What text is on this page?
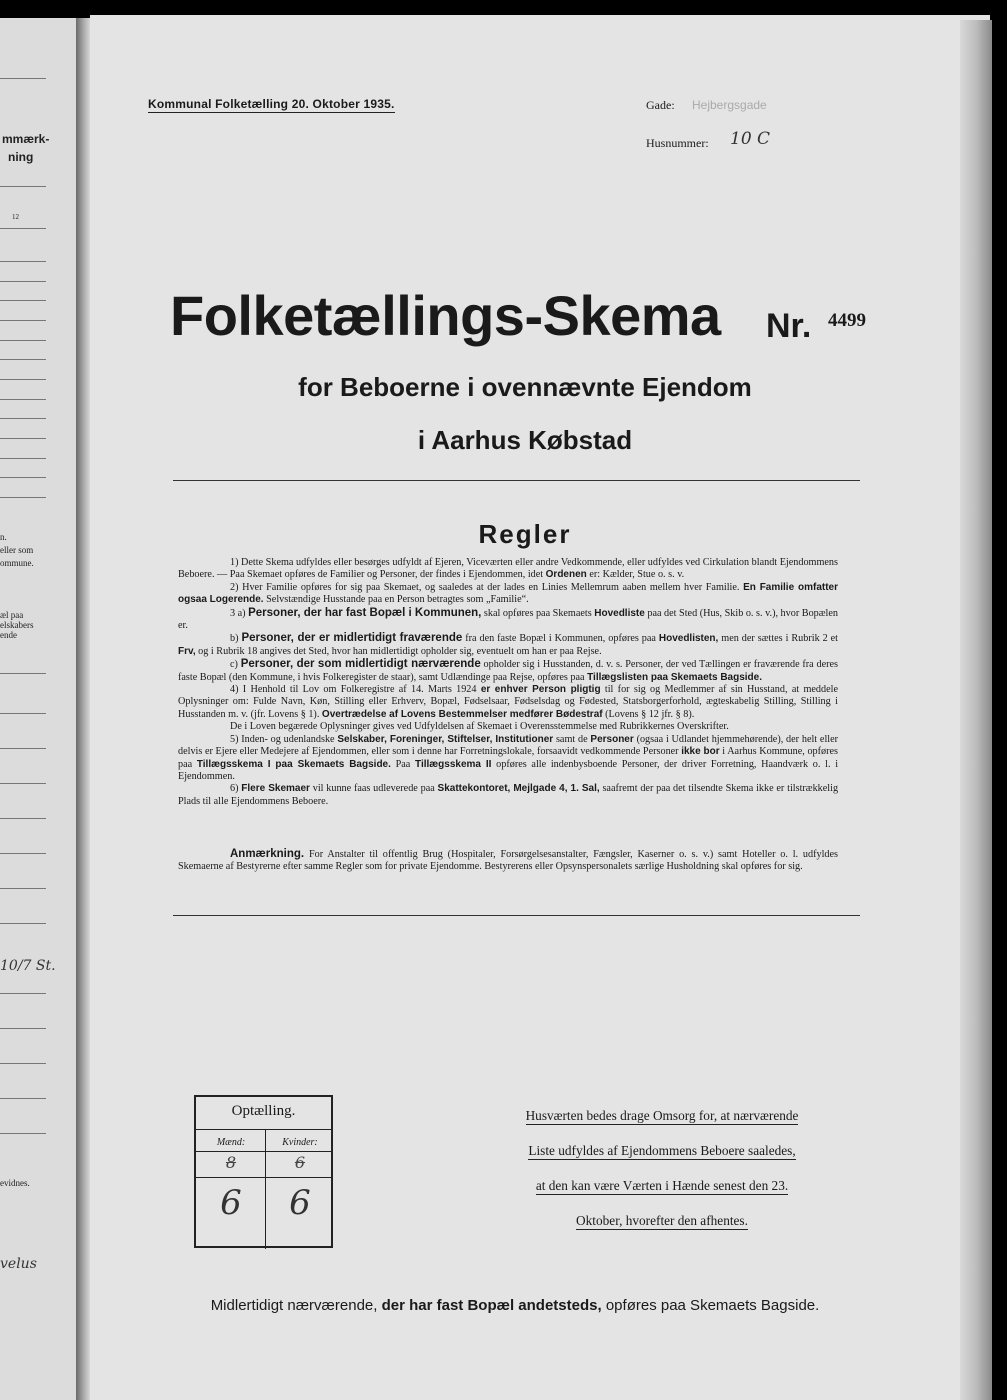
mmærk-
ning
12
n.
eller som
ommune.
æl paa
elskabers
ende
10/7 St.
evidnes.
velus
Kommunal Folketælling 20. Oktober 1935.	Gade: Hejbergsgade
Husnummer: 10 C
Folketællings-Skema Nr. 4499
for Beboerne i ovennævnte Ejendom
i Aarhus Købstad
Regler

1) Dette Skema udfyldes eller besørges udfyldt af Ejeren, Viceværten eller andre Vedkommende, eller udfyldes ved Cirkulation blandt Ejendommens Beboere. — Paa Skemaet opføres de Familier og Personer, der findes i Ejendommen, idet Ordenen er: Kælder, Stue o. s. v.

2) Hver Familie opføres for sig paa Skemaet, og saaledes at der lades en Linies Mellemrum aaben mellem hver Familie. En Familie omfatter ogsaa Logerende. Selvstændige Husstande paa en Person betragtes som „Familie“.

3 a) Personer, der har fast Bopæl i Kommunen, skal opføres paa Skemaets Hovedliste paa det Sted (Hus, Skib o. s. v.), hvor Bopælen er.

b) Personer, der er midlertidigt fraværende fra den faste Bopæl i Kommunen, opføres paa Hovedlisten, men der sættes i Rubrik 2 et Frv, og i Rubrik 18 angives det Sted, hvor han midlertidigt opholder sig, eventuelt om han er paa Rejse.

c) Personer, der som midlertidigt nærværende opholder sig i Husstanden, d. v. s. Personer, der ved Tællingen er fraværende fra deres faste Bopæl (den Kommune, i hvis Folkeregister de staar), samt Udlændinge paa Rejse, opføres paa Tillægslisten paa Skemaets Bagside.

4) I Henhold til Lov om Folkeregistre af 14. Marts 1924 er enhver Person pligtig til for sig og Medlemmer af sin Husstand, at meddele Oplysninger om: Fulde Navn, Køn, Stilling eller Erhverv, Bopæl, Fødselsaar, Fødselsdag og Fødested, Statsborgerforhold, ægteskabelig Stilling, Stilling i Husstanden m. v. (jfr. Lovens § 1). Overtrædelse af Lovens Bestemmelser medfører Bødestraf (Lovens § 12 jfr. § 8).

De i Loven begærede Oplysninger gives ved Udfyldelsen af Skemaet i Overensstemmelse med Rubrikkernes Overskrifter.

5) Inden- og udenlandske Selskaber, Foreninger, Stiftelser, Institutioner samt de Personer (ogsaa i Udlandet hjemmehørende), der helt eller delvis er Ejere eller Medejere af Ejendommen, eller som i denne har Forretningslokale, forsaavidt vedkommende Personer ikke bor i Aarhus Kommune, opføres paa Tillægsskema I paa Skemaets Bagside. Paa Tillægsskema II opføres alle indenbysboende Personer, der driver Forretning, Haandværk o. l. i Ejendommen.

6) Flere Skemaer vil kunne faas udleverede paa Skattekontoret, Mejlgade 4, 1. Sal, saafremt der paa det tilsendte Skema ikke er tilstrækkelig Plads til alle Ejendommens Beboere.

Anmærkning. For Anstalter til offentlig Brug (Hospitaler, Forsørgelsesanstalter, Fængsler, Kaserner o. s. v.) samt Hoteller o. l. udfyldes Skemaerne af Bestyrerne efter samme Regler som for private Ejendomme. Bestyrerens eller Opsynspersonalets særlige Husholdning skal opføres for sig.
Optælling.
Mænd:	Kvinder:
8	6
6	6
Husværten bedes drage Omsorg for, at nærværende
Liste udfyldes af Ejendommens Beboere saaledes,
at den kan være Værten i Hænde senest den 23.
Oktober, hvorefter den afhentes.
Midlertidigt nærværende, der har fast Bopæl andetsteds, opføres paa Skemaets Bagside.
